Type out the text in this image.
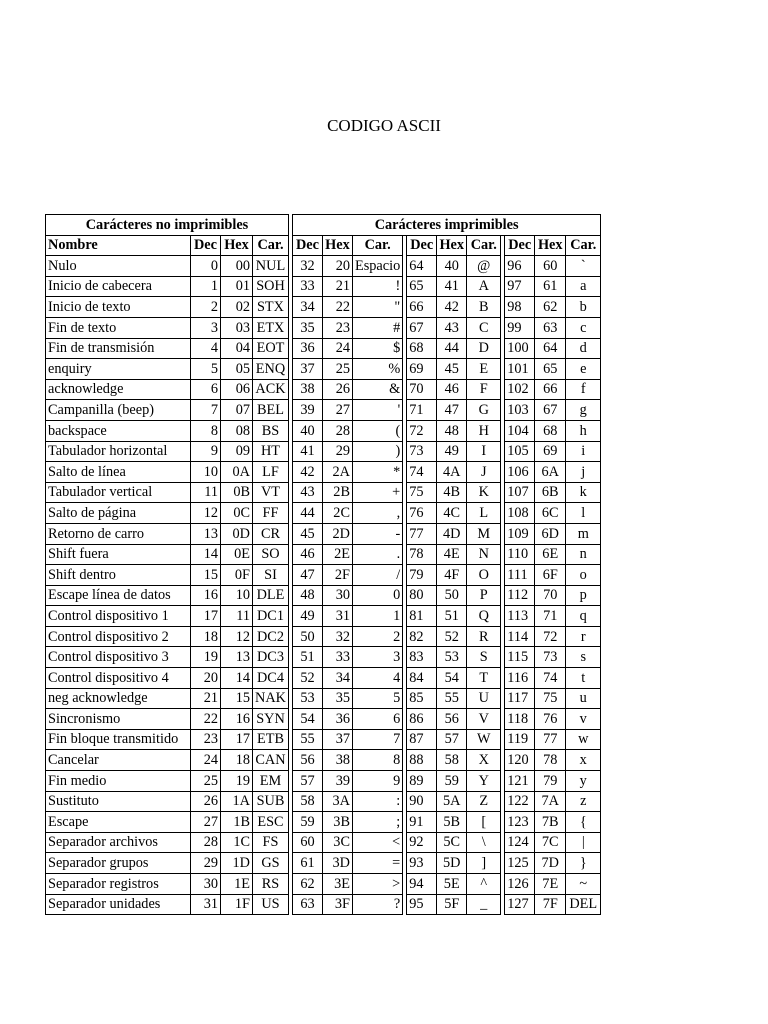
CODIGO ASCII
Carácteres no imprimibles					Carácteres imprimibles										
Nombre	Dec	Hex	Car.		Dec	Hex	Car.		Dec	Hex	Car.		Dec	Hex	Car.
Nulo	0	00	NUL		32	20	Espacio		64	40	@		96	60	`
Inicio de cabecera	1	01	SOH		33	21	!		65	41	A		97	61	a
Inicio de texto	2	02	STX		34	22	"		66	42	B		98	62	b
Fin de texto	3	03	ETX		35	23	#		67	43	C		99	63	c
Fin de transmisión	4	04	EOT		36	24	$		68	44	D		100	64	d
enquiry	5	05	ENQ		37	25	%		69	45	E		101	65	e
acknowledge	6	06	ACK		38	26	&		70	46	F		102	66	f
Campanilla (beep)	7	07	BEL		39	27	'		71	47	G		103	67	g
backspace	8	08	BS		40	28	(		72	48	H		104	68	h
Tabulador horizontal	9	09	HT		41	29	)		73	49	I		105	69	i
Salto de línea	10	0A	LF		42	2A	*		74	4A	J		106	6A	j
Tabulador vertical	11	0B	VT		43	2B	+		75	4B	K		107	6B	k
Salto de página	12	0C	FF		44	2C	,		76	4C	L		108	6C	l
Retorno de carro	13	0D	CR		45	2D	-		77	4D	M		109	6D	m
Shift fuera	14	0E	SO		46	2E	.		78	4E	N		110	6E	n
Shift dentro	15	0F	SI		47	2F	/		79	4F	O		111	6F	o
Escape línea de datos	16	10	DLE		48	30	0		80	50	P		112	70	p
Control dispositivo 1	17	11	DC1		49	31	1		81	51	Q		113	71	q
Control dispositivo 2	18	12	DC2		50	32	2		82	52	R		114	72	r
Control dispositivo 3	19	13	DC3		51	33	3		83	53	S		115	73	s
Control dispositivo 4	20	14	DC4		52	34	4		84	54	T		116	74	t
neg acknowledge	21	15	NAK		53	35	5		85	55	U		117	75	u
Sincronismo	22	16	SYN		54	36	6		86	56	V		118	76	v
Fin bloque transmitido	23	17	ETB		55	37	7		87	57	W		119	77	w
Cancelar	24	18	CAN		56	38	8		88	58	X		120	78	x
Fin medio	25	19	EM		57	39	9		89	59	Y		121	79	y
Sustituto	26	1A	SUB		58	3A	:		90	5A	Z		122	7A	z
Escape	27	1B	ESC		59	3B	;		91	5B	[		123	7B	{
Separador archivos	28	1C	FS		60	3C	<		92	5C	\		124	7C	|
Separador grupos	29	1D	GS		61	3D	=		93	5D	]		125	7D	}
Separador registros	30	1E	RS		62	3E	>		94	5E	^		126	7E	~
Separador unidades	31	1F	US		63	3F	?		95	5F	_		127	7F	DEL
